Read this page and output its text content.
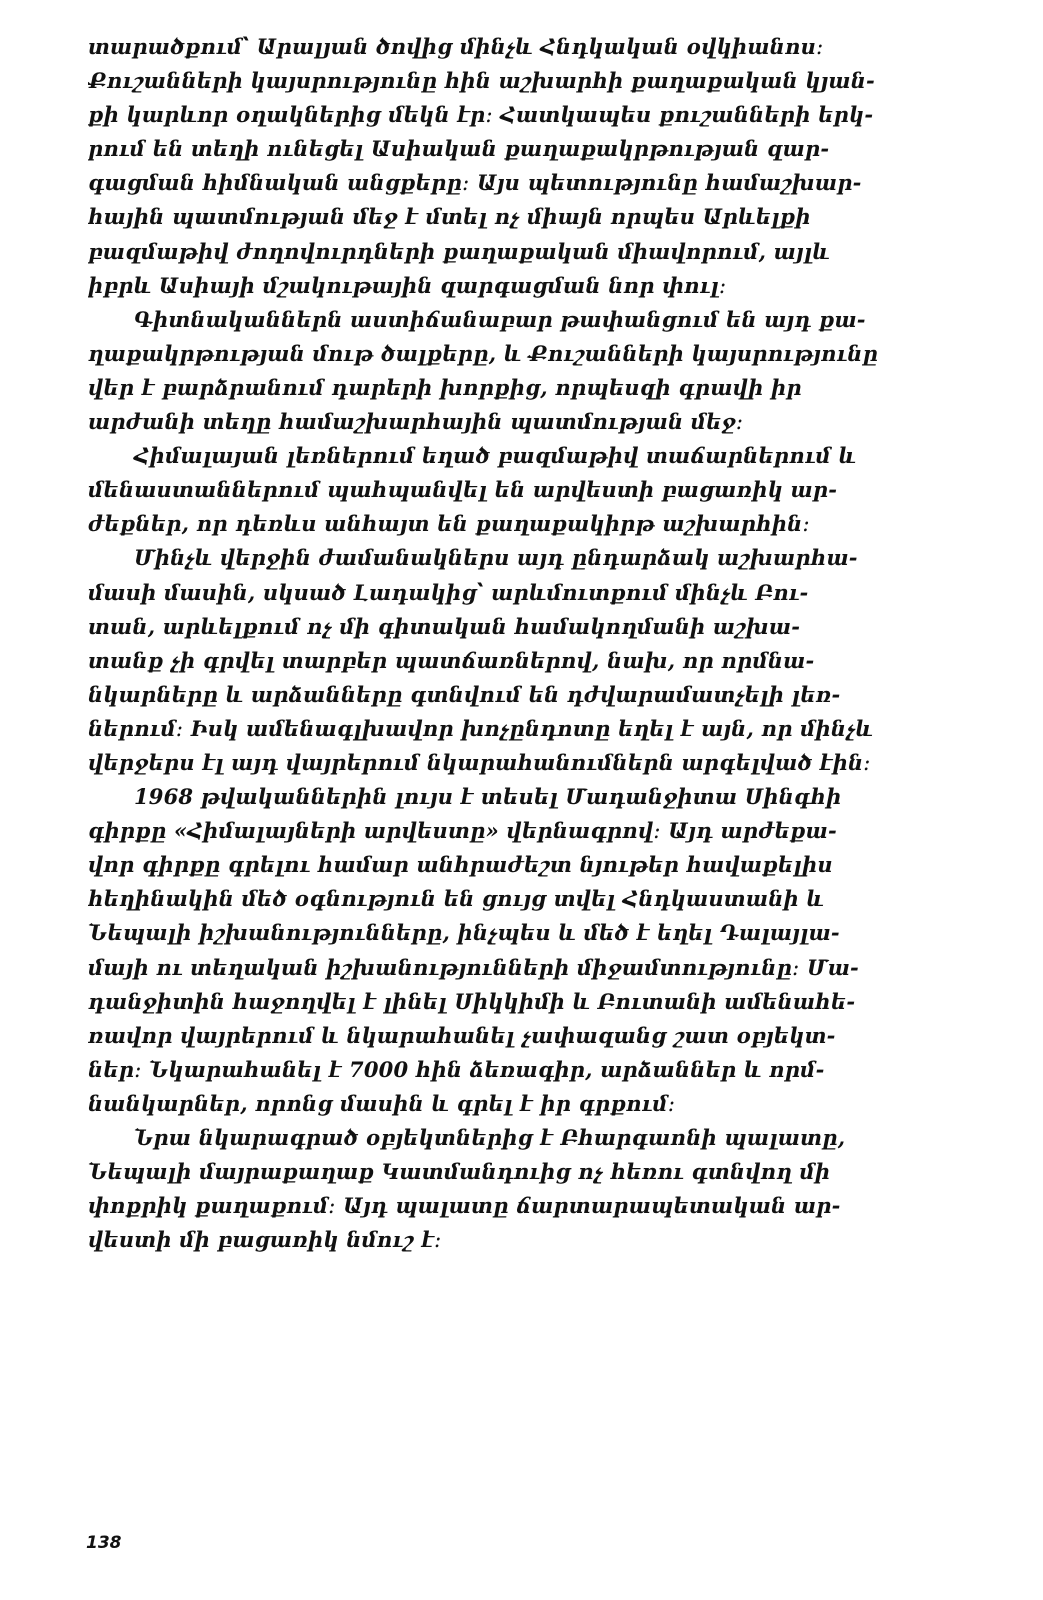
տարածքում՝ Արալյան ծովից մինչև Հնդկական օվկիանոս։
Քուշանների կայսրությունը հին աշխարհի քաղաքական կյան-
քի կարևոր օղակներից մեկն էր։ Հատկապես քուշանների երկ-
րում են տեղի ունեցել Ասիական քաղաքակրթության զար-
գացման հիմնական անցքերը։ Այս պետությունը համաշխար-
հային պատմության մեջ է մտել ոչ միայն որպես Արևելքի
բազմաթիվ ժողովուրդների քաղաքական միավորում, այլև
իբրև Ասիայի մշակութային զարգացման նոր փուլ։
Գիտնականներն աստիճանաբար թափանցում են այդ քա-
ղաքակրթության մութ ծալքերը, և Քուշանների կայսրությունը
վեր է բարձրանում դարերի խորքից, որպեսզի գրավի իր
արժանի տեղը համաշխարհային պատմության մեջ։
Հիմալայան լեռներում եղած բազմաթիվ տաճարներում և
մենաստաններում պահպանվել են արվեստի բացառիկ ար-
ժեքներ, որ դեռևս անհայտ են քաղաքակիրթ աշխարհին։
Մինչև վերջին ժամանակներս այդ ընդարձակ աշխարհա-
մասի մասին, սկսած Լադակից՝ արևմուտքում մինչև Բու-
տան, արևելքում ոչ մի գիտական համակողմանի աշխա-
տանք չի գրվել տարբեր պատճառներով, նախ, որ որմնա-
նկարները և արձանները գտնվում են դժվարամատչելի լեռ-
ներում։ Իսկ ամենագլխավոր խոչընդոտը եղել է այն, որ մինչև
վերջերս էլ այդ վայրերում նկարահանումներն արգելված էին։
1968 թվականներին լույս է տեսել Մադանջիտա Սինգհի
գիրքը «Հիմալայների արվեստը» վերնագրով։ Այդ արժեքա-
վոր գիրքը գրելու համար անհրաժեշտ նյութեր հավաքելիս
հեղինակին մեծ օգնություն են ցույց տվել Հնդկաստանի և
Նեպալի իշխանությունները, ինչպես և մեծ է եղել Դալայլա-
մայի ու տեղական իշխանությունների միջամտությունը։ Մա-
դանջիտին հաջողվել է լինել Սիկկիմի և Բուտանի ամենահե-
ռավոր վայրերում և նկարահանել չափազանց շատ օբյեկտ-
ներ։ Նկարահանել է 7000 հին ձեռագիր, արձաններ և որմ-
նանկարներ, որոնց մասին և գրել է իր գրքում։
Նրա նկարագրած օբյեկտներից է Բհարգաոնի պալատը,
Նեպալի մայրաքաղաք Կատմանդուից ոչ հեռու գտնվող մի
փոքրիկ քաղաքում։ Այդ պալատը ճարտարապետական ար-
վեստի մի բացառիկ նմուշ է։
138
